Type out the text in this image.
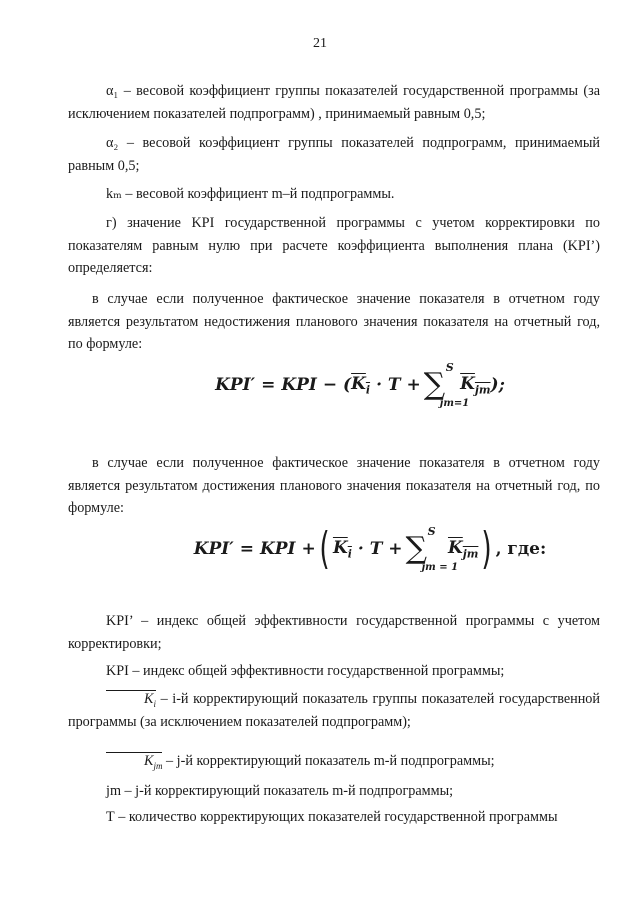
21

α₁ – весовой коэффициент группы показателей государственной программы (за исключением показателей подпрограмм) , принимаемый равным 0,5;

α₂ – весовой коэффициент группы показателей подпрограмм, принимаемый равным 0,5;

kₘ – весовой коэффициент m–й подпрограммы.

г) значение KPI государственной программы с учетом корректировки по показателям равным нулю при расчете коэффициента выполнения плана (KPI’) определяется:

в случае если полученное фактическое значение показателя в отчетном году является результатом недостижения планового значения показателя на отчетный год, по формуле:

KPI′ = KPI − ( $K_i \cdot T$ + ∑ S
jm=1
$K_{jm}$ );

в случае если полученное фактическое значение показателя в отчетном году является результатом достижения планового значения показателя на отчетный год, по формуле:

KPI′ = KPI + ( $K_i \cdot T$ + ∑ S
jm = 1
$K_{jm}$ ) , где:

KPI’ – индекс общей эффективности государственной программы с учетом корректировки;

KPI – индекс общей эффективности государственной программы;

$K_i - i-й$ корректирующий показатель группы показателей государственной программы (за исключением показателей подпрограмм);

$K_{jm} - j-й$ корректирующий показатель m-й подпрограммы;

jm – j-й корректирующий показатель m-й подпрограммы;

Т – количество корректирующих показателей государственной программы
